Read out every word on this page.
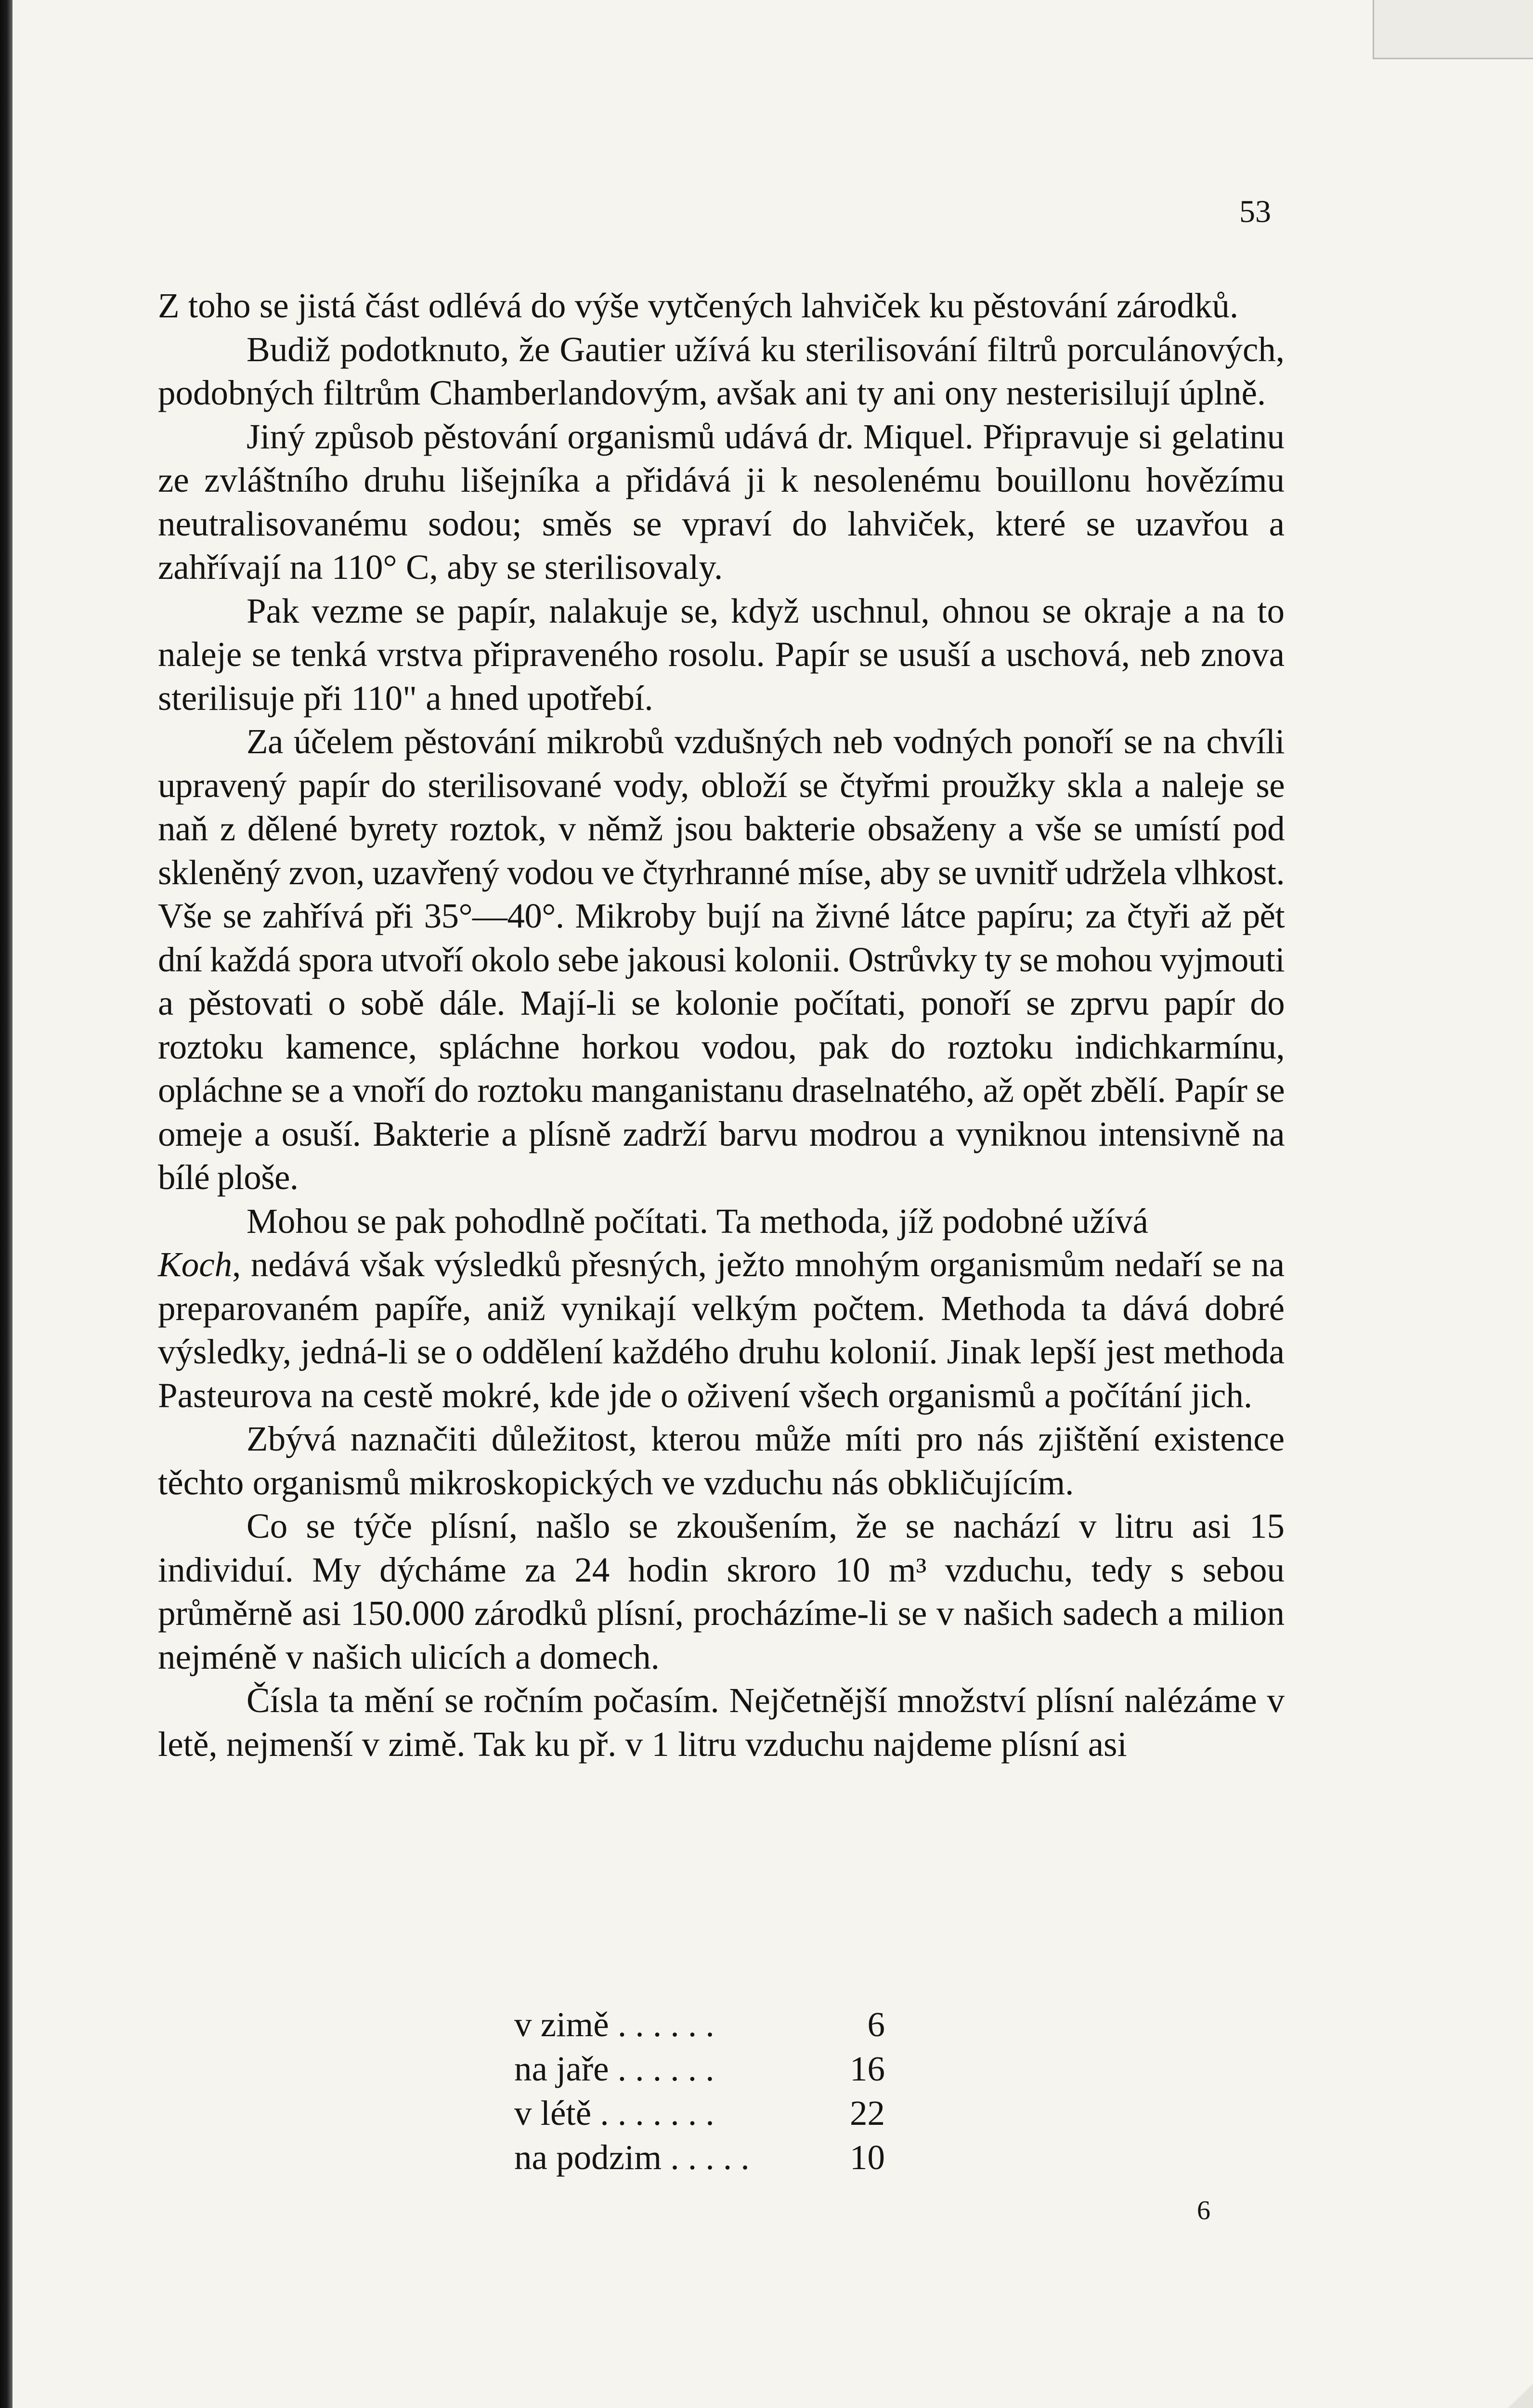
53

Z toho se jistá část odlévá do výše vytčených lahviček ku pěstování zárodků.

Budiž podotknuto, že Gautier užívá ku sterilisování filtrů porculánových, podobných filtrům Chamberlandovým, avšak ani ty ani ony nesterisilují úplně.

Jiný způsob pěstování organismů udává dr. Miquel. Připravuje si gelatinu ze zvláštního druhu lišejníka a přidává ji k nesolenému bouillonu hovězímu neutralisovanému sodou; směs se vpraví do lahviček, které se uzavřou a zahřívají na 110° C, aby se sterilisovaly.

Pak vezme se papír, nalakuje se, když uschnul, ohnou se okraje a na to naleje se tenká vrstva připraveného rosolu. Papír se usuší a uschová, neb znova sterilisuje při 110" a hned upotřebí.

Za účelem pěstování mikrobů vzdušných neb vodných ponoří se na chvíli upravený papír do sterilisované vody, obloží se čtyřmi proužky skla a naleje se naň z dělené byrety roztok, v němž jsou bakterie obsaženy a vše se umístí pod skleněný zvon, uzavřený vodou ve čtyrhranné míse, aby se uvnitř udržela vlhkost. Vše se zahřívá při 35°—40°. Mikroby bují na živné látce papíru; za čtyři až pět dní každá spora utvoří okolo sebe jakousi kolonii. Ostrůvky ty se mohou vyjmouti a pěstovati o sobě dále. Mají-li se kolonie počítati, ponoří se zprvu papír do roztoku kamence, spláchne horkou vodou, pak do roztoku indichkarmínu, opláchne se a vnoří do roztoku manganistanu draselnatého, až opět zbělí. Papír se omeje a osuší. Bakterie a plísně zadrží barvu modrou a vyniknou intensivně na bílé ploše.

Mohou se pak pohodlně počítati. Ta methoda, jíž podobné užívá
Koch, nedává však výsledků přesných, ježto mnohým organismům nedaří se na preparovaném papíře, aniž vynikají velkým počtem. Methoda ta dává dobré výsledky, jedná-li se o oddělení každého druhu kolonií. Jinak lepší jest methoda Pasteurova na cestě mokré, kde jde o oživení všech organismů a počítání jich.

Zbývá naznačiti důležitost, kterou může míti pro nás zjištění existence těchto organismů mikroskopických ve vzduchu nás obkličujícím.

Co se týče plísní, našlo se zkoušením, že se nachází v litru asi 15 individuí. My dýcháme za 24 hodin skroro 10 m³ vzduchu, tedy s sebou průměrně asi 150.000 zárodků plísní, procházíme-li se v našich sadech a milion nejméně v našich ulicích a domech.

Čísla ta mění se ročním počasím. Nejčetnější množství plísní nalézáme v letě, nejmenší v zimě. Tak ku př. v 1 litru vzduchu najdeme plísní asi

v zimě . . . . . .	6
na jaře . . . . . .	16
v létě . . . . . . .	22
na podzim . . . . .	10

6
